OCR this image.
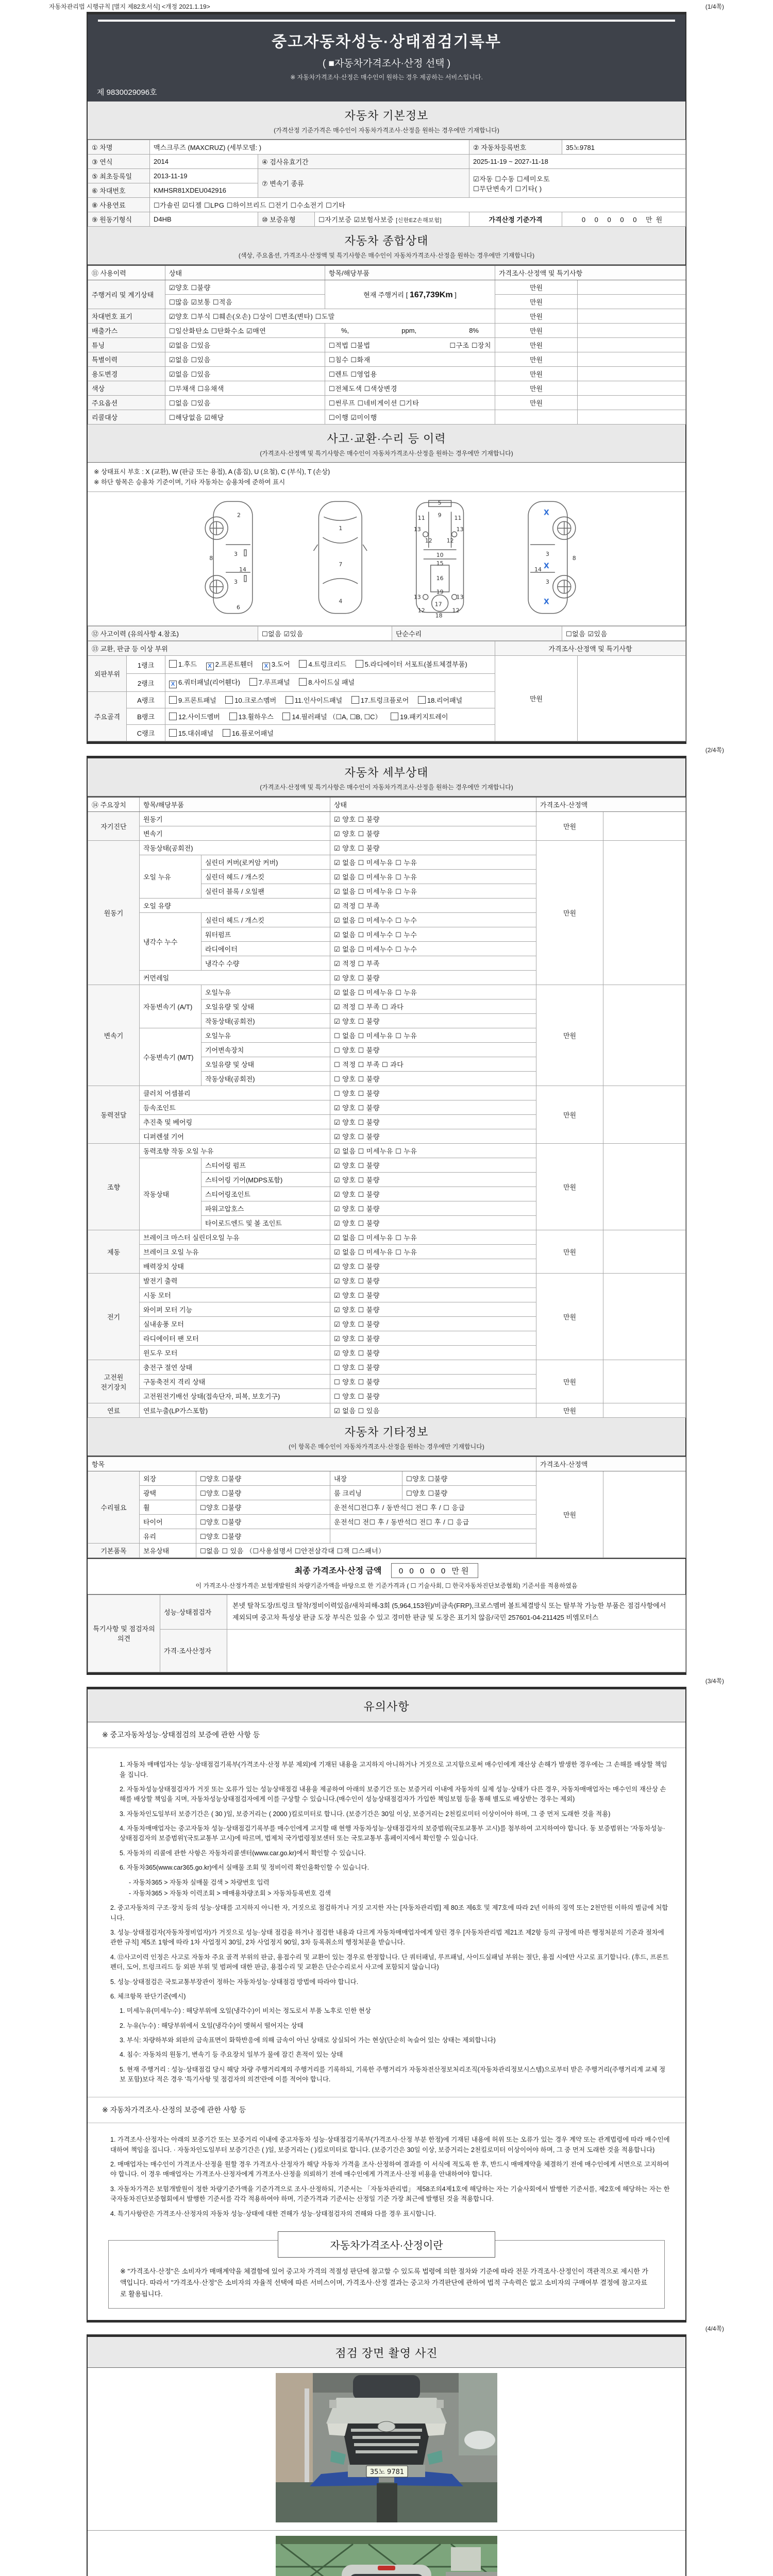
자동차관리법 시행규칙 [별지 제82호서식] <개정 2021.1.19>	(1/4쪽)
중고자동차성능·상태점검기록부
( ■자동차가격조사·산정 선택 )
※ 자동차가격조사·산정은 매수인이 원하는 경우 제공하는 서비스입니다.
제 9830029096호
자동차 기본정보
(가격산정 기준가격은 매수인이 자동차가격조사·산정을 원하는 경우에만 기재합니다)
① 차명	맥스크루즈 (MAXCRUZ) (세부모델: )			② 자동차등록번호	35노9781
③ 연식	2014	④ 검사유효기간		2025-11-19 ~ 2027-11-18	
⑤ 최초등록일	2013-11-19	⑦ 변속기 종류		☑자동 ☐수동 ☐세미오토
☐무단변속기 ☐기타( )	

⑥ 차대번호	KMHSR81XDEU042916				
⑧ 사용연료	☐가솔린 ☑디젤 ☐LPG ☐하이브리드 ☐전기 ☐수소전기 ☐기타				
⑨ 원동기형식	D4HB	⑩ 보증유형	☐자기보증 ☑보험사보증 [신한EZ손해보험]	가격산정 기준가격	0 0 0 0 0 만원
자동차 종합상태
(색상, 주요옵션, 가격조사·산정액 및 특기사항은 매수인이 자동차가격조사·산정을 원하는 경우에만 기재합니다)
⑪ 사용이력	상태	항목/해당부품	가격조사·산정액 및 특기사항	
주행거리 및 계기상태	☑양호 ☐불량	현재 주행거리 [ 167,739Km ]	만원	
	☐많음 ☑보통 ☐적음		만원	
차대번호 표기	☑양호 ☐부식 ☐훼손(오손) ☐상이 ☐변조(변타) ☐도말		만원	
배출가스	☐일산화탄소 ☐탄화수소 ☑매연	%, ppm, 8%	만원	
튜닝	☑없음 ☐있음	☐적법 ☐불법 ☐구조 ☐장치	만원	
특별이력	☑없음 ☐있음	☐침수 ☐화재	만원	
용도변경	☑없음 ☐있음	☐렌트 ☐영업용	만원	
색상	☐무채색 ☐유채색	☐전체도색 ☐색상변경	만원	
주요옵션	☐없음 ☐있음	☐썬루프 ☐네비게이션 ☐기타	만원	
리콜대상	☐해당없음 ☑해당	☐이행 ☑미이행		
사고·교환·수리 등 이력
(가격조사·산정액 및 특기사항은 매수인이 자동차가격조사·산정을 원하는 경우에만 기재합니다)
※ 상태표시 부호 : X (교환), W (판금 또는 용접), A (흠집), U (요철), C (부식), T (손상)
※ 하단 항목은 승용차 기준이며, 기타 자동차는 승용차에 준하여 표시
2
8
3
14
3
6
1
7
4
5
9
11	11
13	13
12	12
10
15
16
19
13	13
12	12
17
18
8
3
14
3
X
X
X
⑫ 사고이력 (유의사항 4.참조)	☐없음 ☑있음	단순수리	☐없음 ☑있음
⑬ 교환, 판금 등 이상 부위			가격조사·산정액 및 특기사항	
외판부위	1랭크	1.후드 X 2.프론트휀더 X 3.도어 4.트렁크리드 5.라디에이터 서포트(볼트체결부품)	만원	
	2랭크	X 6.쿼터패널(리어휀다) 7.루프패널 8.사이드실 패널		
주요골격	A랭크	9.프론트패널 10.크로스멤버 11.인사이드패널 17.트렁크플로어 18.리어패널		
	B랭크	12.사이드멤버 13.휠하우스 14.필러패널 （☐A, ☐B, ☐C） 19.패키지트레이		
	C랭크	15.대쉬패널 16.플로어패널		
(2/4쪽)
자동차 세부상태
(가격조사·산정액 및 특기사항은 매수인이 자동차가격조사·산정을 원하는 경우에만 기재합니다)
⑭ 주요장치	항목/해당부품		상태	가격조사·산정액	
자기진단	원동기		☑ 양호 ☐ 불량	만원	
	변속기		☑ 양호 ☐ 불량		
원동기	작동상태(공회전)		☑ 양호 ☐ 불량	만원	
	오일 누유	실린더 커버(로커암 커버)	☑ 없음 ☐ 미세누유 ☐ 누유		
		실린더 헤드 / 개스킷	☑ 없음 ☐ 미세누유 ☐ 누유		
		실린더 블록 / 오일팬	☑ 없음 ☐ 미세누유 ☐ 누유		
	오일 유량		☑ 적정 ☐ 부족		
	냉각수 누수	실린더 헤드 / 개스킷	☑ 없음 ☐ 미세누수 ☐ 누수		
		워터펌프	☑ 없음 ☐ 미세누수 ☐ 누수		
		라디에이터	☑ 없음 ☐ 미세누수 ☐ 누수		
		냉각수 수량	☑ 적정 ☐ 부족		
	커먼레일		☑ 양호 ☐ 불량		
변속기	자동변속기 (A/T)	오일누유	☑ 없음 ☐ 미세누유 ☐ 누유	만원	
		오일유량 및 상태	☑ 적정 ☐ 부족 ☐ 과다		
		작동상태(공회전)	☑ 양호 ☐ 불량		
	수동변속기 (M/T)	오일누유	☐ 없음 ☐ 미세누유 ☐ 누유		
		기어변속장치	☐ 양호 ☐ 불량		
		오일유량 및 상태	☐ 적정 ☐ 부족 ☐ 과다		
		작동상태(공회전)	☐ 양호 ☐ 불량		
동력전달	클러치 어셈블리		☐ 양호 ☐ 불량	만원	
	등속조인트		☑ 양호 ☐ 불량		
	추진축 및 베어링		☑ 양호 ☐ 불량		
	디퍼렌셜 기어		☑ 양호 ☐ 불량		
조향	동력조향 작동 오일 누유		☑ 없음 ☐ 미세누유 ☐ 누유	만원	
	작동상태	스티어링 펌프	☑ 양호 ☐ 불량		
		스티어링 기어(MDPS포함)	☑ 양호 ☐ 불량		
		스티어링조인트	☑ 양호 ☐ 불량		
		파워고압호스	☑ 양호 ☐ 불량		
		타이로드엔드 및 볼 조인트	☑ 양호 ☐ 불량		
제동	브레이크 마스터 실린더오일 누유		☑ 없음 ☐ 미세누유 ☐ 누유	만원	
	브레이크 오일 누유		☑ 없음 ☐ 미세누유 ☐ 누유		
	배력장치 상태		☑ 양호 ☐ 불량		
전기	발전기 출력		☑ 양호 ☐ 불량	만원	
	시동 모터		☑ 양호 ☐ 불량		
	와이퍼 모터 기능		☑ 양호 ☐ 불량		
	실내송풍 모터		☑ 양호 ☐ 불량		
	라디에이터 팬 모터		☑ 양호 ☐ 불량		
	윈도우 모터		☑ 양호 ☐ 불량		
고전원 전기장치	충전구 절연 상태		☐ 양호 ☐ 불량	만원	
	구동축전지 격리 상태		☐ 양호 ☐ 불량		
	고전원전기배선 상태(접속단자, 피복, 보호기구)		☐ 양호 ☐ 불량		
연료	연료누출(LP가스포함)		☑ 없음 ☐ 있음	만원	
자동차 기타정보
(이 항목은 매수인이 자동차가격조사·산정을 원하는 경우에만 기재합니다)
항목					가격조사·산정액	
수리필요	외장	☐양호 ☐불량	내장	☐양호 ☐불량	만원	
	광택	☐양호 ☐불량	룸 크리닝	☐양호 ☐불량		
	휠	☐양호 ☐불량	운전석☐전☐후 / 동반석☐ 전☐ 후 / ☐ 응급			
	타이어	☐양호 ☐불량	운전석☐ 전☐ 후 / 동반석☐ 전☐ 후 / ☐ 응급			
	유리	☐양호 ☐불량				
기본품목	보유상태	☐없음 ☐ 있음 （☐사용설명서 ☐안전삼각대 ☐잭 ☐스패너）				
최종 가격조사·산정 금액 0 0 0 0 0 만원
이 가격조사·산정가격은 보험개발원의 차량기준가액을 바탕으로 한 기준가격과 ( ☐ 기술사회, ☐ 한국자동차진단보증협회) 기준서를 적용하였음
특기사항 및 점검자의 의견	성능·상태점검자	본넷 탈착도장/트렁크 탈착/정비이력있음/새차피해-3회 (5,964,153원)/비금속(FRP),크로스멤버 볼트체결방식 또는 탈부착 가능한 부품은 점검사항에서 제외되며 중고차 특성상 판금 도장 부식은 있을 수 있고 경미한 판금 및 도장은 표기치 않음/국민 257601-04-211425 비엠모터스
	가격·조사산정자	
(3/4쪽)
유의사항
※ 중고자동차성능·상태점검의 보증에 관한 사항 등
1. 자동차 매매업자는 성능·상태점검기록부(가격조사·산정 부분 제외)에 기재된 내용을 고지하지 아니하거나 거짓으로 고지함으로써 매수인에게 재산상 손해가 발생한 경우에는 그 손해를 배상할 책임을 집니다.
2. 자동차성능상태점검자가 거짓 또는 오류가 있는 성능상태점검 내용을 제공하여 아래의 보증기간 또는 보증거리 이내에 자동차의 실제 성능·상태가 다른 경우, 자동차매매업자는 매수인의 재산상 손해를 배상할 책임을 지며, 자동차성능상태점검자에게 이를 구상할 수 있습니다.(매수인이 성능상태점검자가 가입한 책임보험 등을 통해 별도로 배상받는 경우는 제외)
3. 자동차인도일부터 보증기간은 ( 30 )일, 보증거리는 ( 2000 )킬로미터로 합니다. (보증기간은 30일 이상, 보증거리는 2천킬로미터 이상이어야 하며, 그 중 먼저 도래한 것을 적용)
4. 자동차매매업자는 중고자동차 성능·상태점검기록부를 매수인에게 고지할 때 현행 자동차성능·상태점검자의 보증범위(국토교통부 고시)를 첨부하여 고지하여야 합니다. 동 보증범위는 '자동차성능·상태점검자의 보증범위'(국토교통부 고시)에 따르며, 법제처 국가법령정보센터 또는 국토교통부 홈페이지에서 확인할 수 있습니다.
5. 자동차의 리콜에 관한 사항은 자동차리콜센터(www.car.go.kr)에서 확인할 수 있습니다.
6. 자동차365(www.car365.go.kr)에서 실매물 조회 및 정비이력 확인을확인할 수 있습니다.
- 자동차365 > 자동차 실매물 검색 > 차량번호 입력
- 자동차365 > 자동차 이력조회 > 매매용차량조회 > 자동차등록번호 검색
2. 중고자동차의 구조·장치 등의 성능·상태를 고지하지 아니한 자, 거짓으로 점검하거나 거짓 고지한 자는 [자동차관리법] 제 80조 제6호 및 제7호에 따라 2년 이하의 징역 또는 2천만원 이하의 벌금에 처합니다.
3. 성능·상태점검자(자동차정비업자)가 거짓으로 성능·상태 점검을 하거나 점검한 내용과 다르게 자동차매매업자에게 알린 경우 [자동차관리법 제21조 제2항 등의 규정에 따른 행정처분의 기준과 절차에 관한 규칙] 제5조 1항에 따라 1차 사업정지 30일, 2차 사업정지 90일, 3차 등록취소의 행정처분을 받습니다.
4. ⑫사고이력 인정은 사고로 자동차 주요 골격 부위의 판금, 용접수리 및 교환이 있는 경우로 한정합니다. 단 쿼터패널, 루프패널, 사이드실패널 부위는 절단, 용접 시에만 사고로 표기합니다. (후드, 프론트펜더, 도어, 트렁크리드 등 외판 부위 및 범퍼에 대한 판금, 용접수리 및 교환은 단순수리로서 사고에 포함되지 않습니다)
5. 성능·상태점검은 국토교통부장관이 정하는 자동차성능·상태점검 방법에 따라야 합니다.
6. 체크항목 판단기준(예시)
1. 미세누유(미세누수) : 해당부위에 오일(냉각수)이 비치는 정도로서 부품 노후로 인한 현상
2. 누유(누수) : 해당부위에서 오일(냉각수)이 맺혀서 떨어지는 상태
3. 부식: 차량하부와 외판의 금속표면이 화학반응에 의해 금속이 아닌 상태로 상실되어 가는 현상(단순히 녹슬어 있는 상태는 제외합니다)
4. 침수: 자동차의 원동기, 변속기 등 주요장치 일부가 물에 잠긴 흔적이 있는 상태
5. 현재 주행거리 : 성능·상태점검 당시 해당 차량 주행거리계의 주행거리를 기록하되, 기록한 주행거리가 자동차전산정보처리조직(자동차관리정보시스템)으로부터 받은 주행거리(주행거리계 교체 정보 포함)보다 적은 경우 '특기사항 및 점검자의 의견'란에 이를 적어야 합니다.
※ 자동차가격조사·산정의 보증에 관한 사항 등
1. 가격조사·산정자는 아래의 보증기간 또는 보증거리 이내에 중고자동차 성능·상태점검기록부(가격조사·산정 부분 한정)에 기재된 내용에 허위 또는 오류가 있는 경우 계약 또는 관계법령에 따라 매수인에 대하여 책임을 집니다. · 자동차인도일부터 보증기간은 ( )일, 보증거리는 ( )킬로미터로 합니다. (보증기간은 30일 이상, 보증거리는 2천킬로미터 이상이어야 하며, 그 중 먼저 도래한 것을 적용합니다)
2. 매매업자는 매수인이 가격조사·산정을 원할 경우 가격조사·산정자가 해당 자동차 가격을 조사·산정하여 결과를 이 서식에 적도록 한 후, 반드시 매매계약을 체결하기 전에 매수인에게 서면으로 고지하여야 합니다. 이 경우 매매업자는 가격조사·산정자에게 가격조사·산정을 의뢰하기 전에 매수인에게 가격조사·산정 비용을 안내하여야 합니다.
3. 자동차가격은 보험개발원이 정한 차량기준가액을 기준가격으로 조사·산정하되, 기준서는 「자동차관리법」 제58조의4제1호에 해당하는 자는 기술사회에서 발행한 기준서를, 제2호에 해당하는 자는 한국자동차진단보증협회에서 발행한 기준서를 각각 적용하여야 하며, 기준가격과 기준서는 산정일 기준 가장 최근에 발행된 것을 적용합니다.
4. 특기사항란은 가격조사·산정자의 자동차 성능·상태에 대한 견해가 성능·상태점검자의 견해와 다를 경우 표시합니다.
자동차가격조사·산정이란
※ "가격조사·산정"은 소비자가 매매계약을 체결함에 있어 중고차 가격의 적절성 판단에 참고할 수 있도록 법령에 의한 절차와 기준에 따라 전문 가격조사·산정인이 객관적으로 제시한 가액입니다. 따라서 "가격조사·산정"은 소비자의 자율적 선택에 따른 서비스이며, 가격조사·산정 결과는 중고차 가격판단에 관하여 법적 구속력은 없고 소비자의 구매여부 결정에 참고자료로 활용됩니다.
(4/4쪽)
점검 장면 촬영 사진
35노 9781
